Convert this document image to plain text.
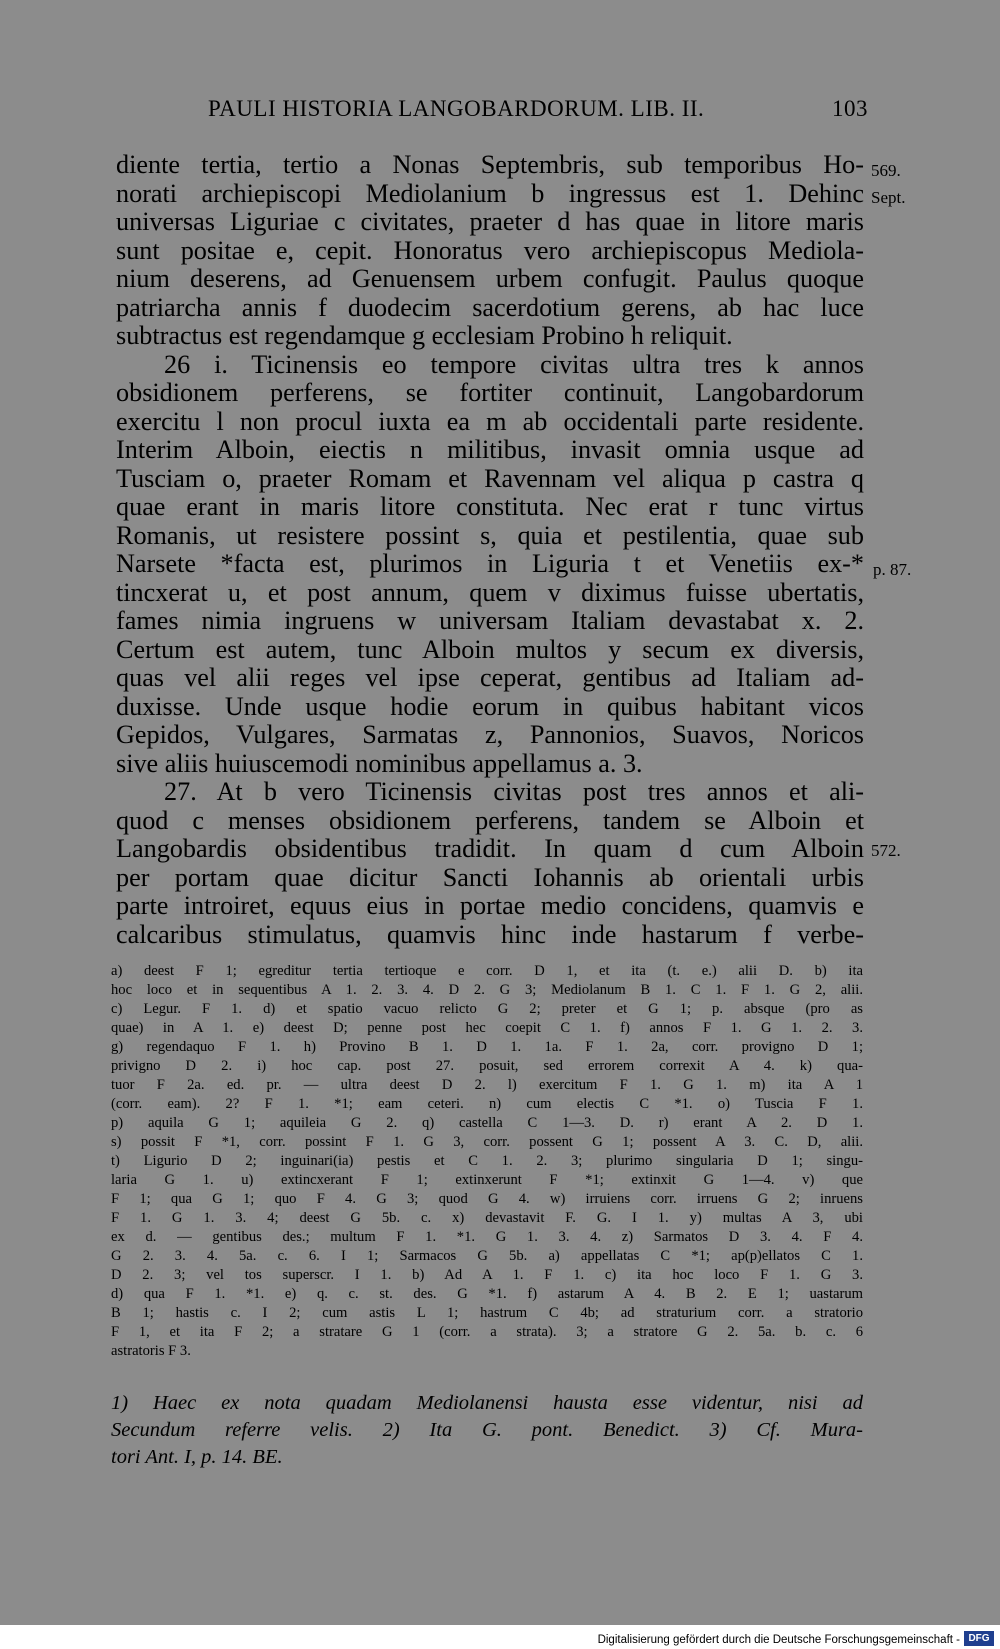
PAULI HISTORIA LANGOBARDORUM. LIB. II.	103
diente tertia, tertio a Nonas Septembris, sub temporibus Ho-
norati archiepiscopi Mediolanium b ingressus est 1. Dehinc
universas Liguriae c civitates, praeter d has quae in litore maris
sunt positae e, cepit. Honoratus vero archiepiscopus Mediola-
nium deserens, ad Genuensem urbem confugit. Paulus quoque
patriarcha annis f duodecim sacerdotium gerens, ab hac luce
subtractus est regendamque g ecclesiam Probino h reliquit.
26 i. Ticinensis eo tempore civitas ultra tres k annos
obsidionem perferens, se fortiter continuit, Langobardorum
exercitu l non procul iuxta ea m ab occidentali parte residente.
Interim Alboin, eiectis n militibus, invasit omnia usque ad
Tusciam o, praeter Romam et Ravennam vel aliqua p castra q
quae erant in maris litore constituta. Nec erat r tunc virtus
Romanis, ut resistere possint s, quia et pestilentia, quae sub
Narsete *facta est, plurimos in Liguria t et Venetiis ex-*
tincxerat u, et post annum, quem v diximus fuisse ubertatis,
fames nimia ingruens w universam Italiam devastabat x. 2.
Certum est autem, tunc Alboin multos y secum ex diversis,
quas vel alii reges vel ipse ceperat, gentibus ad Italiam ad-
duxisse. Unde usque hodie eorum in quibus habitant vicos
Gepidos, Vulgares, Sarmatas z, Pannonios, Suavos, Noricos
sive aliis huiuscemodi nominibus appellamus a. 3.
27. At b vero Ticinensis civitas post tres annos et ali-
quod c menses obsidionem perferens, tandem se Alboin et
Langobardis obsidentibus tradidit. In quam d cum Alboin
per portam quae dicitur Sancti Iohannis ab orientali urbis
parte introiret, equus eius in portae medio concidens, quamvis e
calcaribus stimulatus, quamvis hinc inde hastarum f verbe-
569.
Sept.
p. 87.
572.
a) deest F 1; egreditur tertia tertioque e corr. D 1, et ita (t. e.) alii D. b) ita
hoc loco et in sequentibus A 1. 2. 3. 4. D 2. G 3; Mediolanum B 1. C 1. F 1. G 2, alii.
c) Legur. F 1. d) et spatio vacuo relicto G 2; preter et G 1; p. absque (pro as
quae) in A 1. e) deest D; penne post hec coepit C 1. f) annos F 1. G 1. 2. 3.
g) regendaquo F 1. h) Provino B 1. D 1. 1a. F 1. 2a, corr. provigno D 1;
privigno D 2. i) hoc cap. post 27. posuit, sed errorem correxit A 4. k) qua-
tuor F 2a. ed. pr. — ultra deest D 2. l) exercitum F 1. G 1. m) ita A 1
(corr. eam). 2? F 1. *1; eam ceteri. n) cum electis C *1. o) Tuscia F 1.
p) aquila G 1; aquileia G 2. q) castella C 1—3. D. r) erant A 2. D 1.
s) possit F *1, corr. possint F 1. G 3, corr. possent G 1; possent A 3. C. D, alii.
t) Ligurio D 2; inguinari(ia) pestis et C 1. 2. 3; plurimo singularia D 1; singu-
laria G 1. u) extincxerant F 1; extinxerunt F *1; extinxit G 1—4. v) que
F 1; qua G 1; quo F 4. G 3; quod G 4. w) irruiens corr. irruens G 2; inruens
F 1. G 1. 3. 4; deest G 5b. c. x) devastavit F. G. I 1. y) multas A 3, ubi
ex d. — gentibus des.; multum F 1. *1. G 1. 3. 4. z) Sarmatos D 3. 4. F 4.
G 2. 3. 4. 5a. c. 6. I 1; Sarmacos G 5b. a) appellatas C *1; ap(p)ellatos C 1.
D 2. 3; vel tos superscr. I 1. b) Ad A 1. F 1. c) ita hoc loco F 1. G 3.
d) qua F 1. *1. e) q. c. st. des. G *1. f) astarum A 4. B 2. E 1; uastarum
B 1; hastis c. I 2; cum astis L 1; hastrum C 4b; ad straturium corr. a stratorio
F 1, et ita F 2; a stratare G 1 (corr. a strata). 3; a stratore G 2. 5a. b. c. 6
astratoris F 3.
1) Haec ex nota quadam Mediolanensi hausta esse videntur, nisi ad
Secundum referre velis. 2) Ita G. pont. Benedict. 3) Cf. Mura-
tori Ant. I, p. 14. BE.
Digitalisierung gefördert durch die Deutsche Forschungsgemeinschaft - DFG
